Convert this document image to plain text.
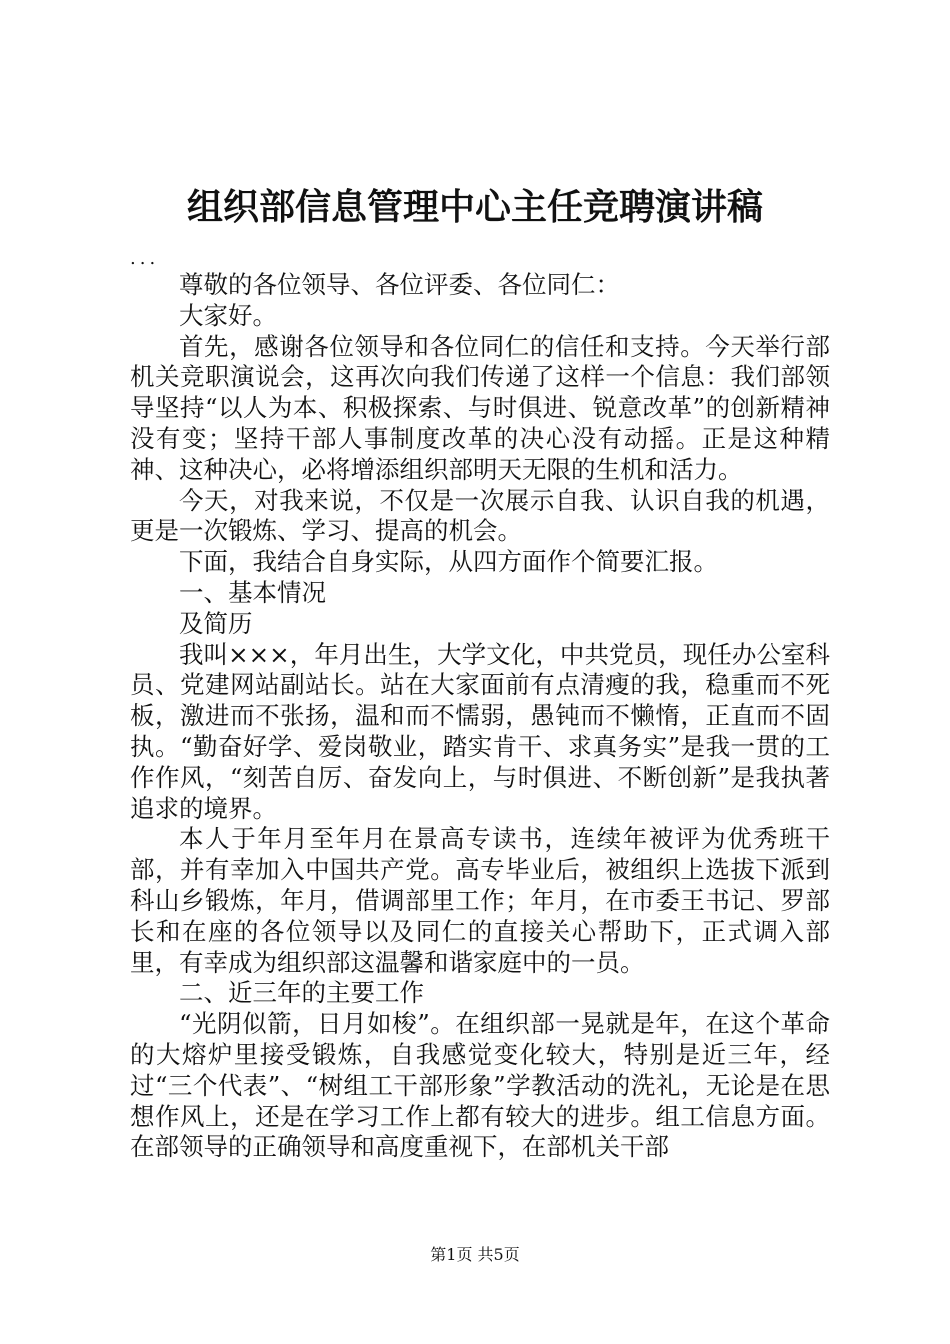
组织部信息管理中心主任竞聘演讲稿

...

尊敬的各位领导、各位评委、各位同仁：

大家好。

首先，感谢各位领导和各位同仁的信任和支持。今天举行部机关竞职演说会，这再次向我们传递了这样一个信息：我们部领导坚持“以人为本、积极探索、与时俱进、锐意改革”的创新精神没有变；坚持干部人事制度改革的决心没有动摇。正是这种精神、这种决心，必将增添组织部明天无限的生机和活力。

今天，对我来说，不仅是一次展示自我、认识自我的机遇，更是一次锻炼、学习、提高的机会。

下面，我结合自身实际，从四方面作个简要汇报。

一、基本情况

及简历

我叫×××，年月出生，大学文化，中共党员，现任办公室科员、党建网站副站长。站在大家面前有点清瘦的我，稳重而不死板，激进而不张扬，温和而不懦弱，愚钝而不懒惰，正直而不固执。“勤奋好学、爱岗敬业，踏实肯干、求真务实”是我一贯的工作作风，“刻苦自厉、奋发向上，与时俱进、不断创新”是我执著追求的境界。

本人于年月至年月在景高专读书，连续年被评为优秀班干部，并有幸加入中国共产党。高专毕业后，被组织上选拔下派到科山乡锻炼，年月，借调部里工作；年月，在市委王书记、罗部长和在座的各位领导以及同仁的直接关心帮助下，正式调入部里，有幸成为组织部这温馨和谐家庭中的一员。

二、近三年的主要工作

“光阴似箭，日月如梭”。在组织部一晃就是年，在这个革命的大熔炉里接受锻炼，自我感觉变化较大，特别是近三年，经过“三个代表”、“树组工干部形象”学教活动的洗礼，无论是在思想作风上，还是在学习工作上都有较大的进步。组工信息方面。在部领导的正确领导和高度重视下，在部机关干部

第1页 共5页
